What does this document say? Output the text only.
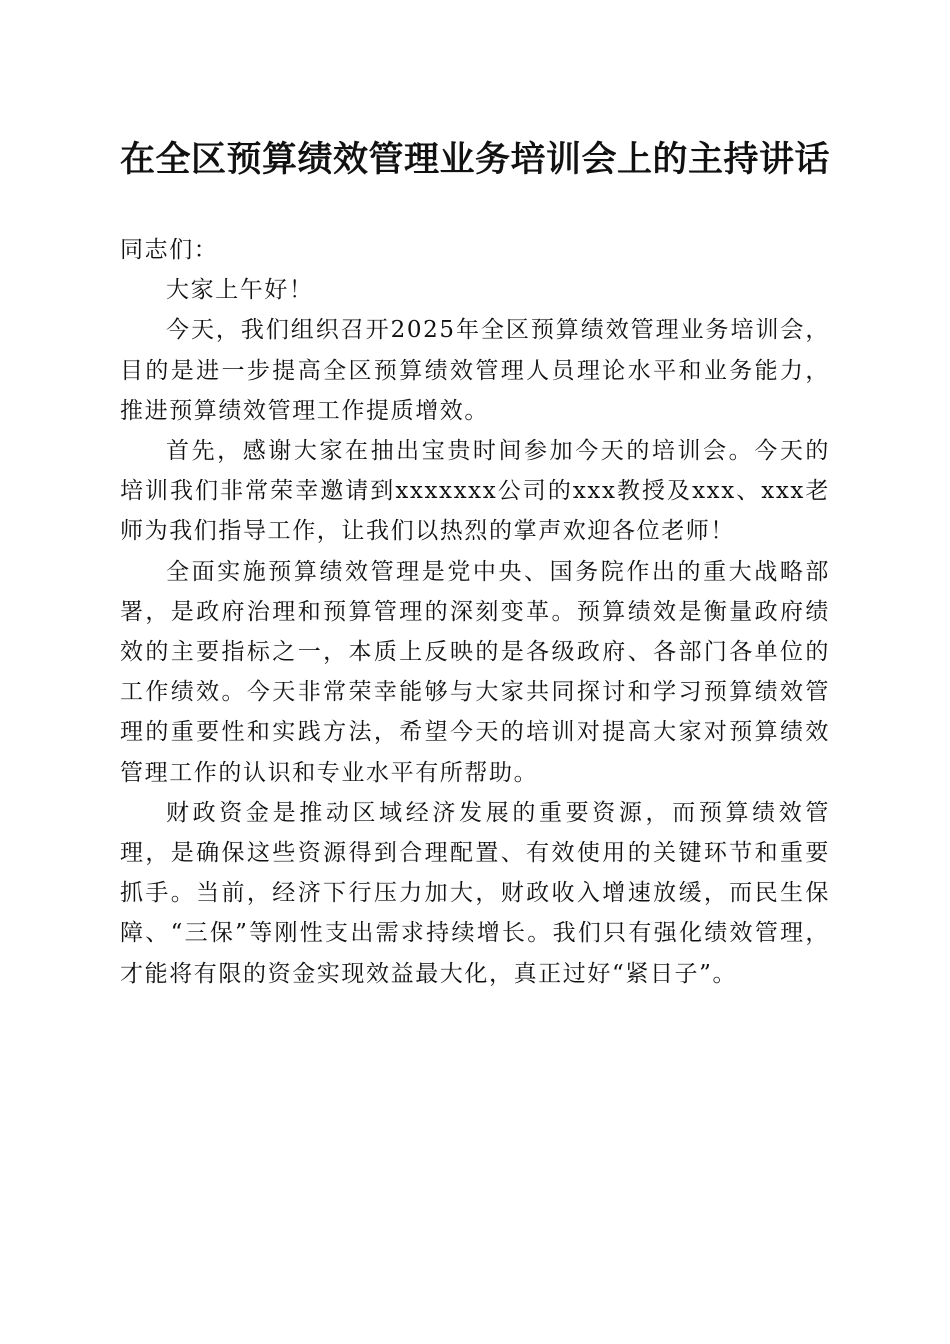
在全区预算绩效管理业务培训会上的主持讲话

同志们：

大家上午好！

今天，我们组织召开2025年全区预算绩效管理业务培训会，目的是进一步提高全区预算绩效管理人员理论水平和业务能力，推进预算绩效管理工作提质增效。

首先，感谢大家在抽出宝贵时间参加今天的培训会。今天的培训我们非常荣幸邀请到xxxxxxx公司的xxx教授及xxx、xxx老师为我们指导工作，让我们以热烈的掌声欢迎各位老师！

全面实施预算绩效管理是党中央、国务院作出的重大战略部署，是政府治理和预算管理的深刻变革。预算绩效是衡量政府绩效的主要指标之一，本质上反映的是各级政府、各部门各单位的工作绩效。今天非常荣幸能够与大家共同探讨和学习预算绩效管理的重要性和实践方法，希望今天的培训对提高大家对预算绩效管理工作的认识和专业水平有所帮助。

财政资金是推动区域经济发展的重要资源，而预算绩效管理，是确保这些资源得到合理配置、有效使用的关键环节和重要抓手。当前，经济下行压力加大，财政收入增速放缓，而民生保障、“三保”等刚性支出需求持续增长。我们只有强化绩效管理，才能将有限的资金实现效益最大化，真正过好“紧日子”。
